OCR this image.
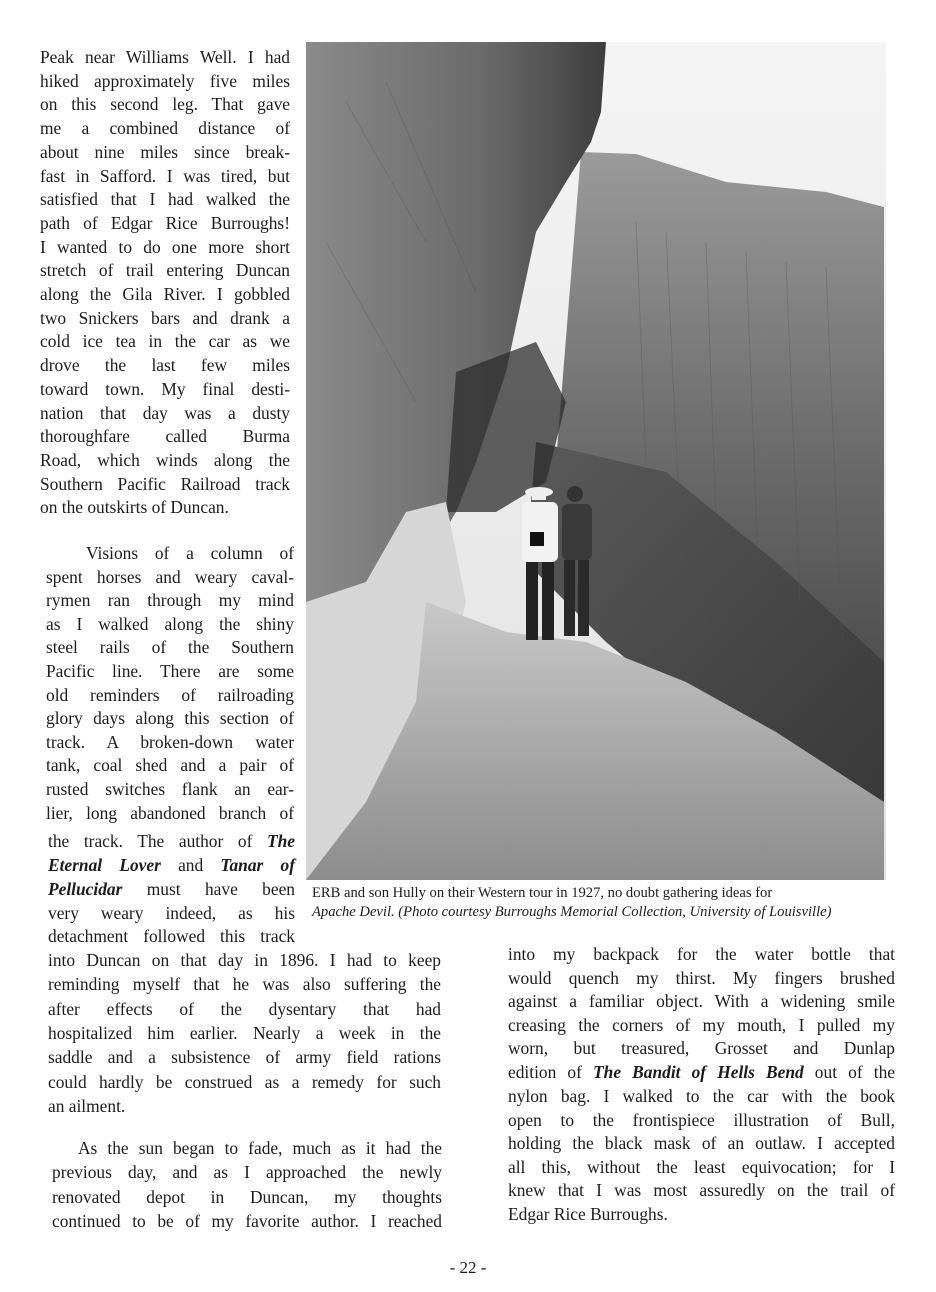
Peak near Williams Well. I had
hiked approximately five miles
on this second leg. That gave
me a combined distance of
about nine miles since break-
fast in Safford. I was tired, but
satisfied that I had walked the
path of Edgar Rice Burroughs!
I wanted to do one more short
stretch of trail entering Duncan
along the Gila River. I gobbled
two Snickers bars and drank a
cold ice tea in the car as we
drove the last few miles
toward town. My final desti-
nation that day was a dusty
thoroughfare called Burma
Road, which winds along the
Southern Pacific Railroad track
on the outskirts of Duncan.
Visions of a column of
spent horses and weary caval-
rymen ran through my mind
as I walked along the shiny
steel rails of the Southern
Pacific line. There are some
old reminders of railroading
glory days along this section of
track. A broken-down water
tank, coal shed and a pair of
rusted switches flank an ear-
lier, long abandoned branch of
the track. The author of The
Eternal Lover and Tanar of
Pellucidar must have been
very weary indeed, as his
detachment followed this track
into Duncan on that day in 1896. I had to keep
reminding myself that he was also suffering the
after effects of the dysentary that had
hospitalized him earlier. Nearly a week in the
saddle and a subsistence of army field rations
could hardly be construed as a remedy for such
an ailment.
As the sun began to fade, much as it had the
previous day, and as I approached the newly
renovated depot in Duncan, my thoughts
continued to be of my favorite author. I reached
into my backpack for the water bottle that
would quench my thirst. My fingers brushed
against a familiar object. With a widening smile
creasing the corners of my mouth, I pulled my
worn, but treasured, Grosset and Dunlap
edition of The Bandit of Hells Bend out of the
nylon bag. I walked to the car with the book
open to the frontispiece illustration of Bull,
holding the black mask of an outlaw. I accepted
all this, without the least equivocation; for I
knew that I was most assuredly on the trail of
Edgar Rice Burroughs.
ERB and son Hully on their Western tour in 1927, no doubt gathering ideas for
Apache Devil. (Photo courtesy Burroughs Memorial Collection, University of Louisville)
- 22 -
